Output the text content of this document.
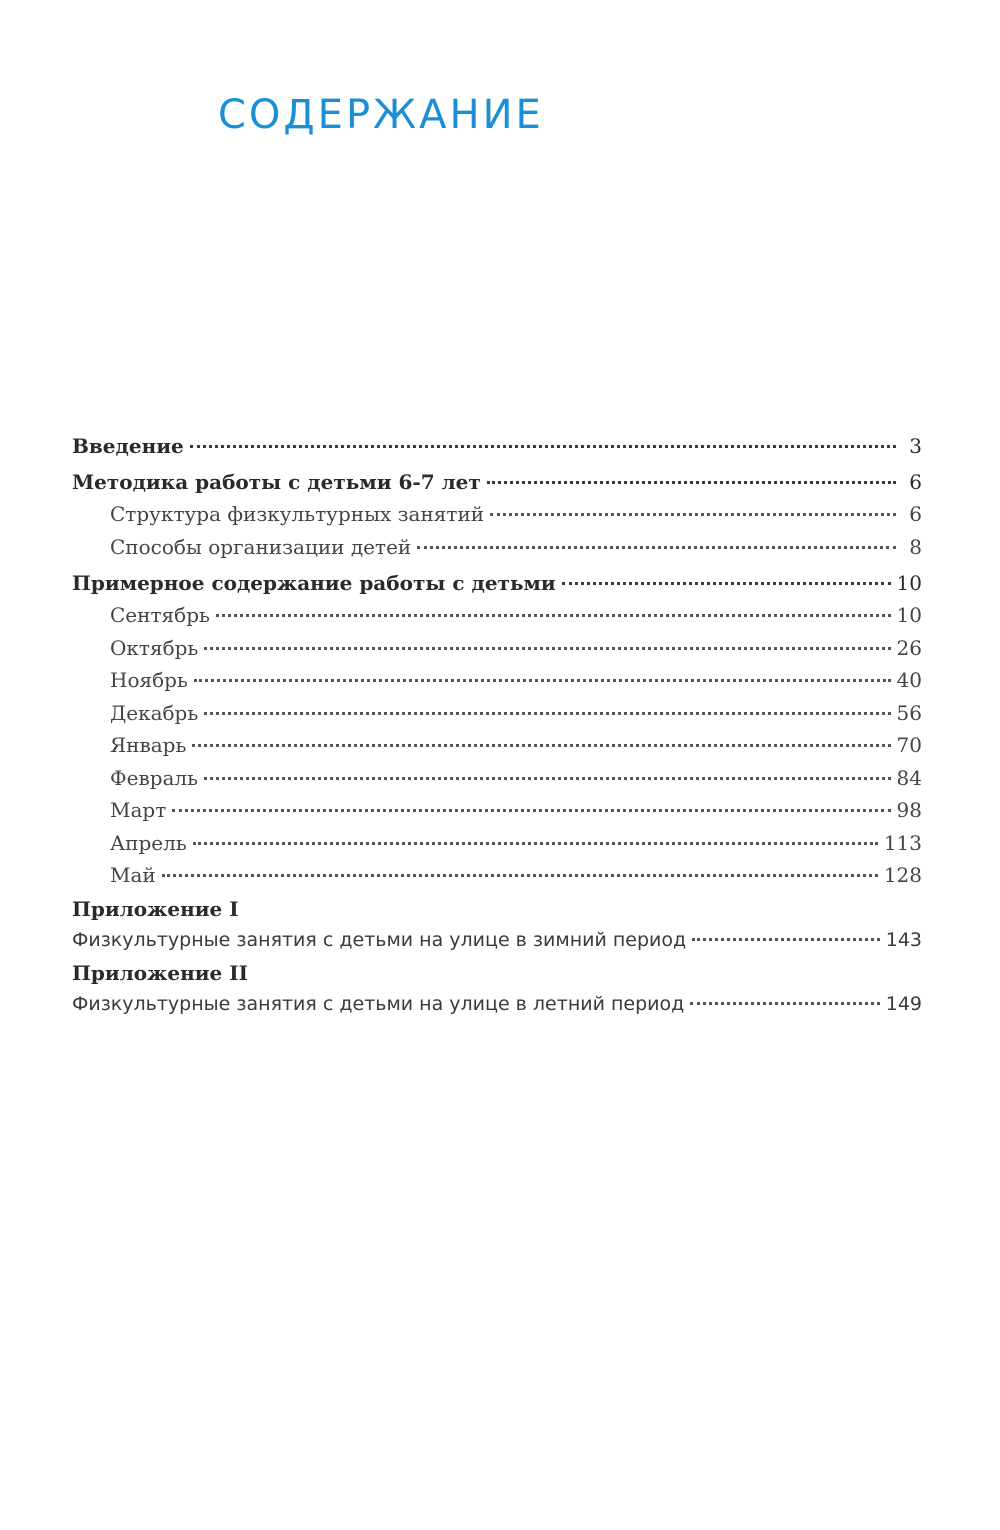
СОДЕРЖАНИЕ
Введение	3
Методика работы с детьми 6-7 лет	6
Структура физкультурных занятий	6
Способы организации детей	8
Примерное содержание работы с детьми	10
Сентябрь	10
Октябрь	26
Ноябрь	40
Декабрь	56
Январь	70
Февраль	84
Март	98
Апрель	113
Май	128
Приложение I
Физкультурные занятия с детьми на улице в зимний период	143
Приложение II
Физкультурные занятия с детьми на улице в летний период	149
